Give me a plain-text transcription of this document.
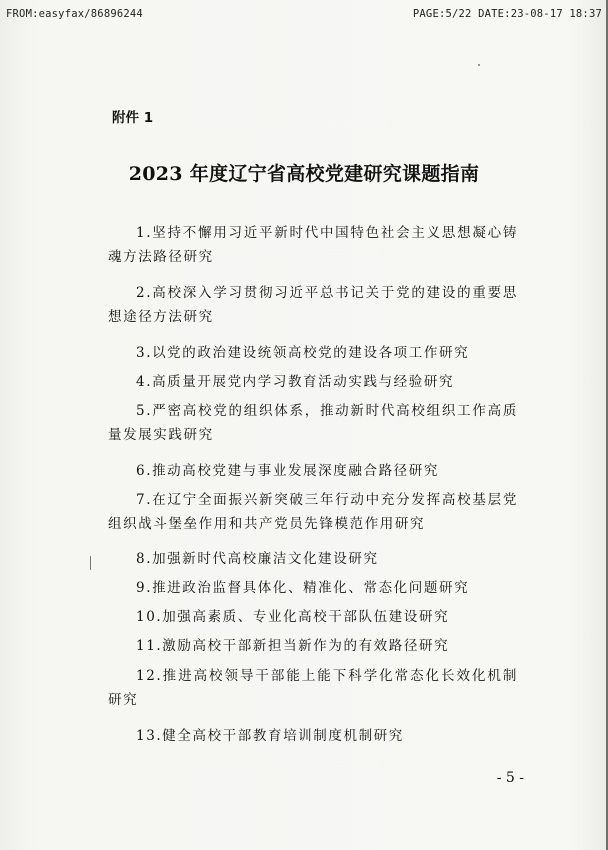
FROM:easyfax/86896244	PAGE:5/22 DATE:23-08-17 18:37
附件 1
2023 年度辽宁省高校党建研究课题指南
1.坚持不懈用习近平新时代中国特色社会主义思想凝心铸魂方法路径研究
2.高校深入学习贯彻习近平总书记关于党的建设的重要思想途径方法研究
3.以党的政治建设统领高校党的建设各项工作研究
4.高质量开展党内学习教育活动实践与经验研究
5.严密高校党的组织体系，推动新时代高校组织工作高质量发展实践研究
6.推动高校党建与事业发展深度融合路径研究
7.在辽宁全面振兴新突破三年行动中充分发挥高校基层党组织战斗堡垒作用和共产党员先锋模范作用研究
8.加强新时代高校廉洁文化建设研究
9.推进政治监督具体化、精准化、常态化问题研究
10.加强高素质、专业化高校干部队伍建设研究
11.激励高校干部新担当新作为的有效路径研究
12.推进高校领导干部能上能下科学化常态化长效化机制研究
13.健全高校干部教育培训制度机制研究
- 5 -
